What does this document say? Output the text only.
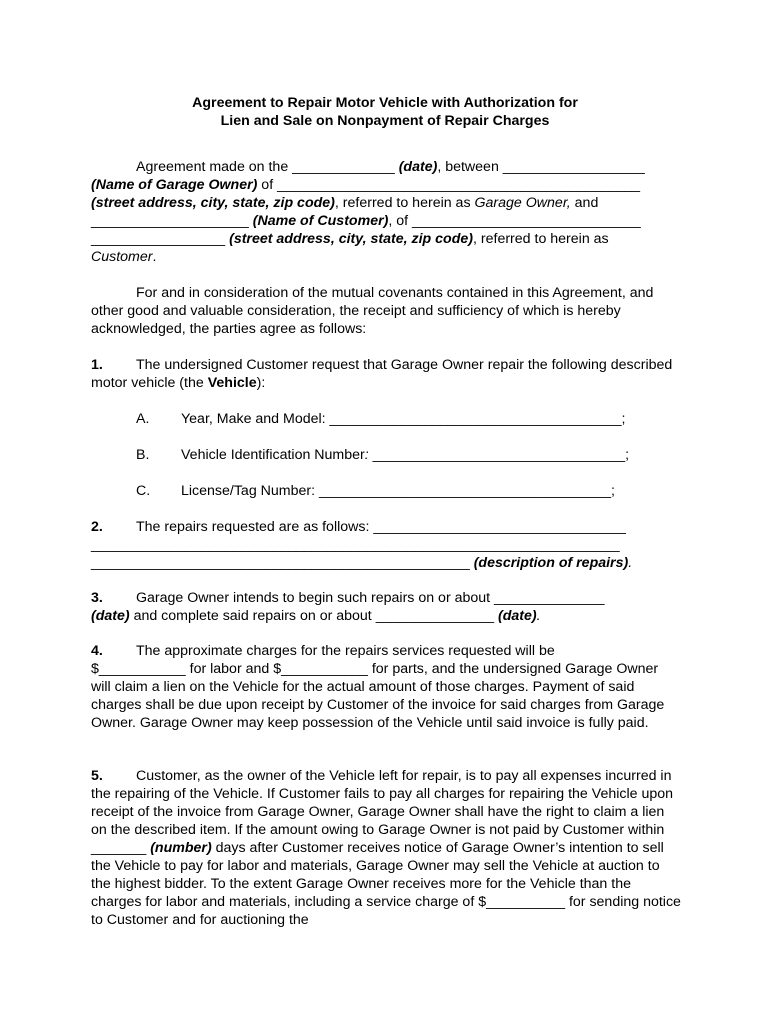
Agreement to Repair Motor Vehicle with Authorization for
Lien and Sale on Nonpayment of Repair Charges
Agreement made on the _____________ (date), between __________________
(Name of Garage Owner) of ______________________________________________
(street address, city, state, zip code), referred to herein as Garage Owner, and
____________________ (Name of Customer), of _____________________________
_________________ (street address, city, state, zip code), referred to herein as
Customer.
For and in consideration of the mutual covenants contained in this Agreement, and other good and valuable consideration, the receipt and sufficiency of which is hereby acknowledged, the parties agree as follows:
1. The undersigned Customer request that Garage Owner repair the following described motor vehicle (the Vehicle):
A. Year, Make and Model: _____________________________________;
B. Vehicle Identification Number: ________________________________;
C. License/Tag Number: _____________________________________;
2. The repairs requested are as follows: ________________________________
___________________________________________________________________
________________________________________________ (description of repairs).
3. Garage Owner intends to begin such repairs on or about ______________
(date) and complete said repairs on or about _______________ (date).
4. The approximate charges for the repairs services requested will be
$___________ for labor and $___________ for parts, and the undersigned Garage Owner will claim a lien on the Vehicle for the actual amount of those charges. Payment of said charges shall be due upon receipt by Customer of the invoice for said charges from Garage Owner. Garage Owner may keep possession of the Vehicle until said invoice is fully paid.
5. Customer, as the owner of the Vehicle left for repair, is to pay all expenses incurred in the repairing of the Vehicle. If Customer fails to pay all charges for repairing the Vehicle upon receipt of the invoice from Garage Owner, Garage Owner shall have the right to claim a lien on the described item. If the amount owing to Garage Owner is not paid by Customer within _______ (number) days after Customer receives notice of Garage Owner’s intention to sell the Vehicle to pay for labor and materials, Garage Owner may sell the Vehicle at auction to the highest bidder. To the extent Garage Owner receives more for the Vehicle than the charges for labor and materials, including a service charge of $__________ for sending notice to Customer and for auctioning the
